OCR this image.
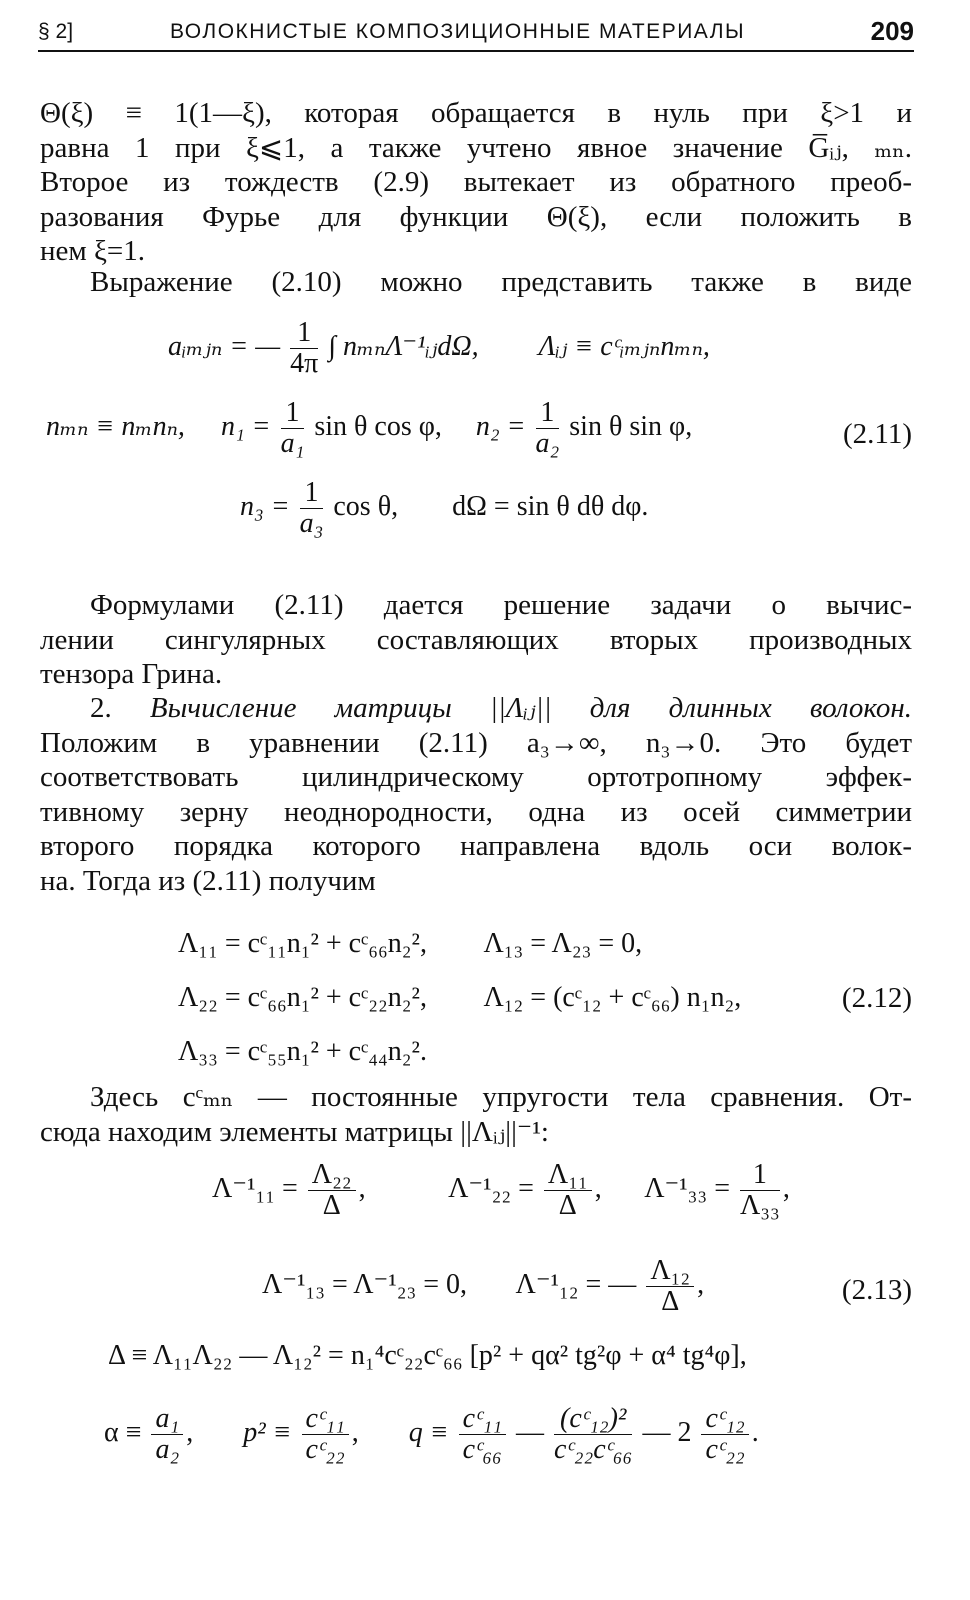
§ 2]	ВОЛОКНИСТЫЕ КОМПОЗИЦИОННЫЕ МАТЕРИАЛЫ	209
Θ(ξ) ≡ 1(1—ξ), которая обращается в нуль при ξ>1 и
равна 1 при ξ⩽1, а также учтено явное значение G̅ᵢⱼ, ₘₙ.
Второе из тождеств (2.9) вытекает из обратного преоб-
разования Фурье для функции Θ(ξ), если положить в
нем ξ=1.
Выражение (2.10) можно представить также в виде
aᵢₘⱼₙ = — $\frac{1}{4\pi}$ ∫ nₘₙΛ⁻¹ᵢⱼdΩ, Λᵢⱼ ≡ cᶜᵢₘⱼₙnₘₙ,
nₘₙ ≡ nₘnₙ, $n_1 = \frac{1}{\text{a₁}}$ sin θ cos φ, $n_2 = \frac{1}{\text{a₂}}$ sin θ sin φ,	(2.11)
$n_3 = \frac{1}{\text{a₃}}$ cos θ, dΩ = sin θ dθ dφ.
Формулами (2.11) дается решение задачи о вычис-
лении сингулярных составляющих вторых производных
тензора Грина.
2. Вычисление матрицы ||Λᵢⱼ|| для длинных волокон.
Положим в уравнении (2.11) a₃→∞, n₃→0. Это будет
соответствовать цилиндрическому ортотропному эффек-
тивному зерну неоднородности, одна из осей симметрии
второго порядка которого направлена вдоль оси волок-
на. Тогда из (2.11) получим
Λ₁₁ = cᶜ₁₁n₁² + cᶜ₆₆n₂², Λ₁₃ = Λ₂₃ = 0,
Λ₂₂ = cᶜ₆₆n₁² + cᶜ₂₂n₂², Λ₁₂ = (cᶜ₁₂ + cᶜ₆₆) n₁n₂,	(2.12)
Λ₃₃ = cᶜ₅₅n₁² + cᶜ₄₄n₂².
Здесь cᶜₘₙ — постоянные упругости тела сравнения. От-
сюда находим элементы матрицы ||Λᵢⱼ||⁻¹:
$\Lambda^{-1}_{11} = \frac{\text{Λ₂₂}}{\Delta}$ ,	$\Lambda^{-1}_{22} = \frac{\text{Λ₁₁}}{\Delta}$ ,  $\Lambda^{-1}_{33} = \frac{1}{\text{Λ₃₃}}$ ,
Λ⁻¹₁₃ = Λ⁻¹₂₃ = 0, Λ⁻¹₁₂ = — $\frac{\text{Λ₁₂}}{\Delta}$ ,	(2.13)
Δ ≡ Λ₁₁Λ₂₂ — Λ₁₂² = n₁⁴cᶜ₂₂cᶜ₆₆ [p² + qα² tg²φ + α⁴ tg⁴φ],
$\alpha \equiv \frac{\text{a₁}}{\text{a₂}}$ ,  $p^2 \equiv \frac{\text{cᶜ₁₁}}{\text{cᶜ₂₂}}$ ,  $q \equiv \frac{\text{cᶜ₁₁}}{\text{cᶜ₆₆}}$ — $\frac{\text{(cᶜ₁₂)²}}{\text{cᶜ₂₂cᶜ₆₆}}$ — $2 \frac{\text{cᶜ₁₂}}{\text{cᶜ₂₂}}$ .
